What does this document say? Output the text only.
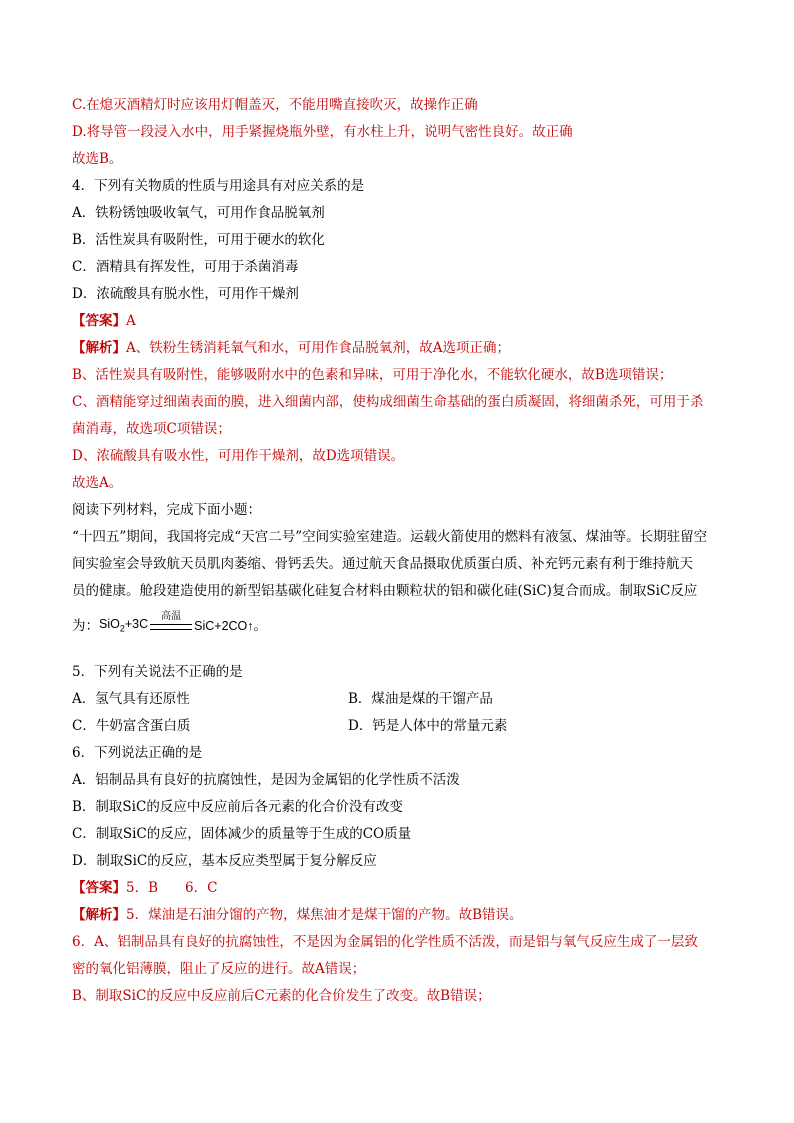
C.在熄灭酒精灯时应该用灯帽盖灭，不能用嘴直接吹灭，故操作正确
D.将导管一段浸入水中，用手紧握烧瓶外壁，有水柱上升，说明气密性良好。故正确
故选B。
4．下列有关物质的性质与用途具有对应关系的是
A．铁粉锈蚀吸收氧气，可用作食品脱氧剂
B．活性炭具有吸附性，可用于硬水的软化
C．酒精具有挥发性，可用于杀菌消毒
D．浓硫酸具有脱水性，可用作干燥剂
【答案】A
【解析】A、铁粉生锈消耗氧气和水，可用作食品脱氧剂，故A选项正确；
B、活性炭具有吸附性，能够吸附水中的色素和异味，可用于净化水，不能软化硬水，故B选项错误；
C、酒精能穿过细菌表面的膜，进入细菌内部，使构成细菌生命基础的蛋白质凝固，将细菌杀死，可用于杀
菌消毒，故选项C项错误；
D、浓硫酸具有吸水性，可用作干燥剂，故D选项错误。
故选A。
阅读下列材料，完成下面小题：
“十四五”期间，我国将完成“天宫二号”空间实验室建造。运载火箭使用的燃料有液氢、煤油等。长期驻留空
间实验室会导致航天员肌肉萎缩、骨钙丢失。通过航天食品摄取优质蛋白质、补充钙元素有利于维持航天
员的健康。舱段建造使用的新型铝基碳化硅复合材料由颗粒状的铝和碳化硅(SiC)复合而成。制取SiC反应
为： SiO$_2$+3C
高温
SiC+2CO↑ 。
5．下列有关说法不正确的是
A．氢气具有还原性	B．煤油是煤的干馏产品
C．牛奶富含蛋白质	D．钙是人体中的常量元素
6．下列说法正确的是
A．铝制品具有良好的抗腐蚀性，是因为金属铝的化学性质不活泼
B．制取SiC的反应中反应前后各元素的化合价没有改变
C．制取SiC的反应，固体减少的质量等于生成的CO质量
D．制取SiC的反应，基本反应类型属于复分解反应
【答案】5．B　　6．C
【解析】5．煤油是石油分馏的产物，煤焦油才是煤干馏的产物。故B错误。
6．A、铝制品具有良好的抗腐蚀性，不是因为金属铝的化学性质不活泼，而是铝与氧气反应生成了一层致
密的氧化铝薄膜，阻止了反应的进行。故A错误；
B、制取SiC的反应中反应前后C元素的化合价发生了改变。故B错误；
